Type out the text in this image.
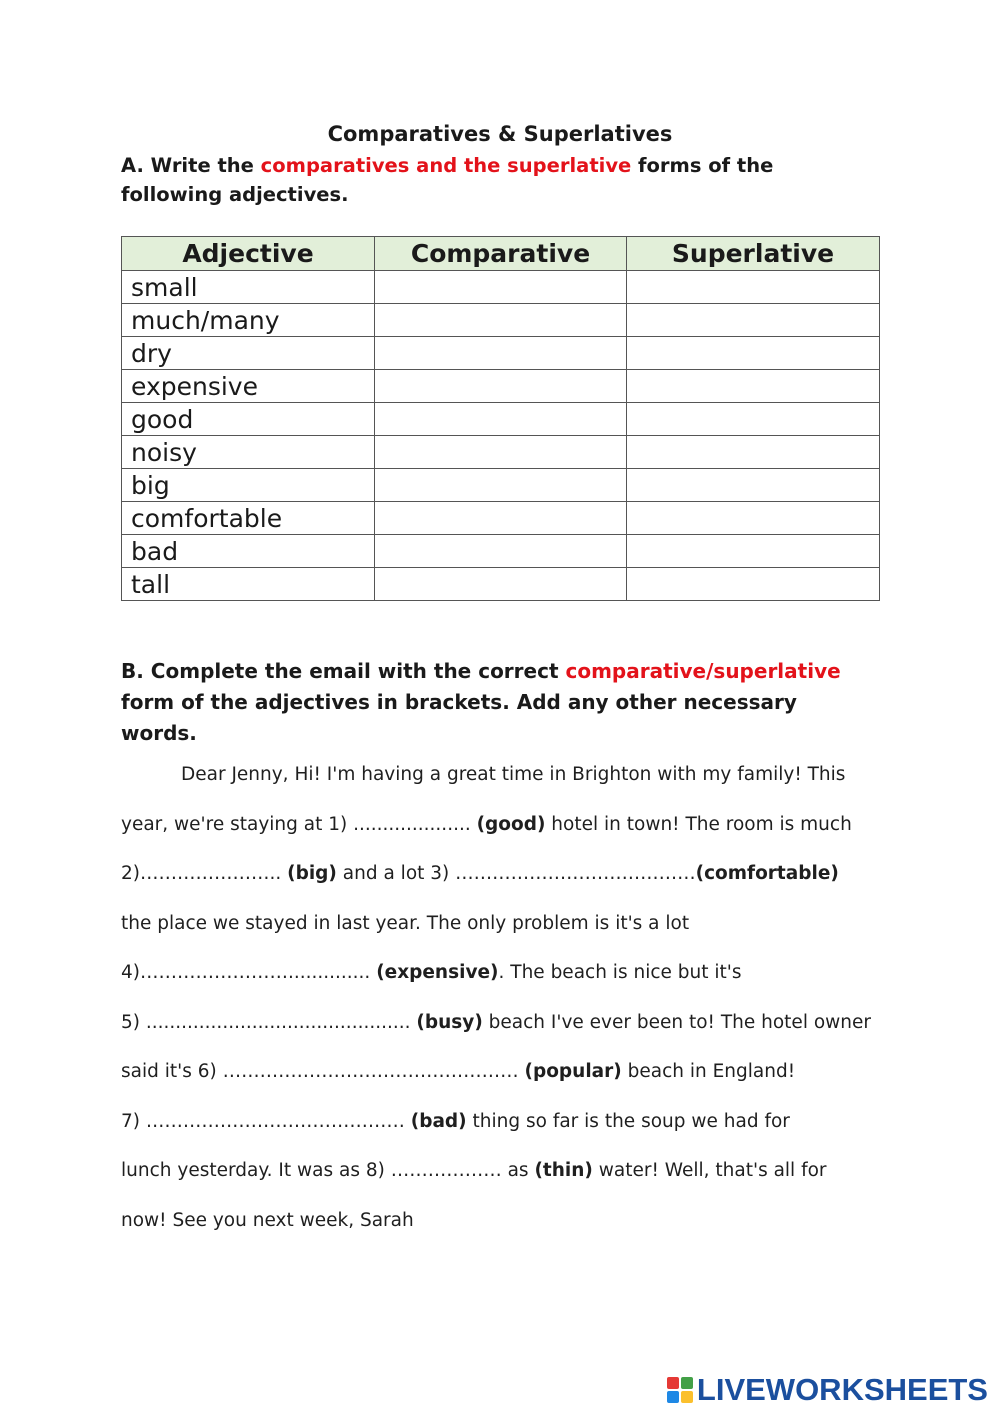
Comparatives & Superlatives
A. Write the comparatives and the superlative forms of the
following adjectives.
Adjective	Comparative	Superlative
small		
much/many		
dry		
expensive		
good		
noisy		
big		
comfortable		
bad		
tall		
B. Complete the email with the correct comparative/superlative
form of the adjectives in brackets. Add any other necessary
words.
Dear Jenny, Hi! I'm having a great time in Brighton with my family! This
year, we're staying at 1) .................... (good) hotel in town! The room is much
2)………………….. (big) and a lot 3) …………………………………(comfortable)
the place we stayed in last year. The only problem is it's a lot
4)…………………….............. (expensive). The beach is nice but it's
5) ............................................. (busy) beach I've ever been to! The hotel owner
said it's 6) ………………………………………… (popular) beach in England!
7) …………………………………… (bad) thing so far is the soup we had for
lunch yesterday. It was as 8) ……………… as (thin) water! Well, that's all for
now! See you next week, Sarah
LIVEWORKSHEETS
